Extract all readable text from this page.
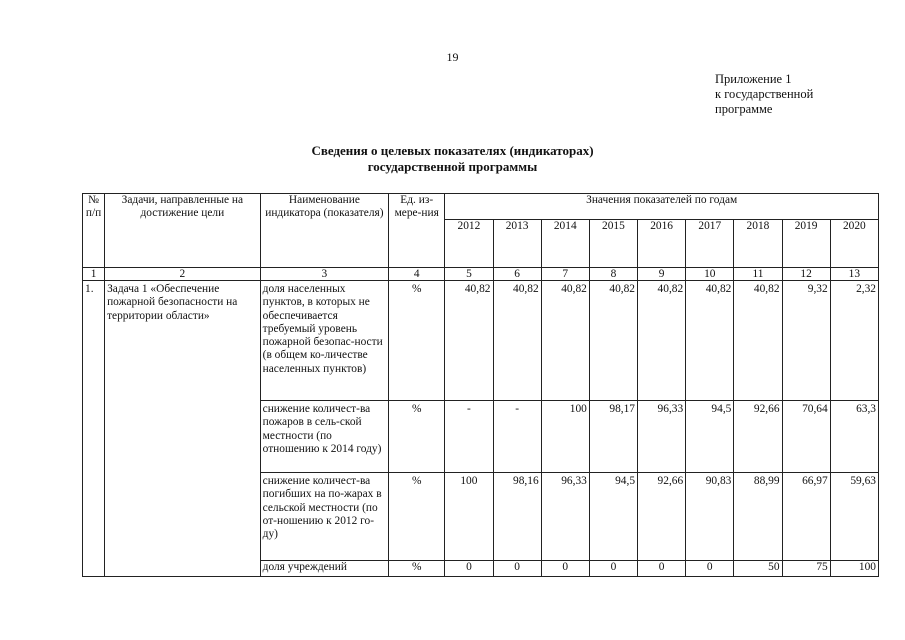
19
Приложение 1
к государственной
программе
Сведения о целевых показателях (индикаторах)
государственной программы
№ п/п	Задачи, направленные на достижение цели	Наименование индикатора (показателя)	Ед. из-мере-ния	Значения показателей по годам								
				2012	2013	2014	2015	2016	2017	2018	2019	2020
1	2	3	4	5	6	7	8	9	10	11	12	13
1.	Задача 1 «Обеспечение пожарной безопасности на территории области»	доля населенных пунктов, в которых не обеспечивается требуемый уровень пожарной безопас-ности (в общем ко-личестве населенных пунктов)	%	40,82	40,82	40,82	40,82	40,82	40,82	40,82	9,32	2,32
		снижение количест-ва пожаров в сель-ской местности (по отношению к 2014 году)	%	-	-	100	98,17	96,33	94,5	92,66	70,64	63,3
		снижение количест-ва погибших на по-жарах в сельской местности (по от-ношению к 2012 го-ду)	%	100	98,16	96,33	94,5	92,66	90,83	88,99	66,97	59,63
		доля учреждений	%	0	0	0	0	0	0	50	75	100
